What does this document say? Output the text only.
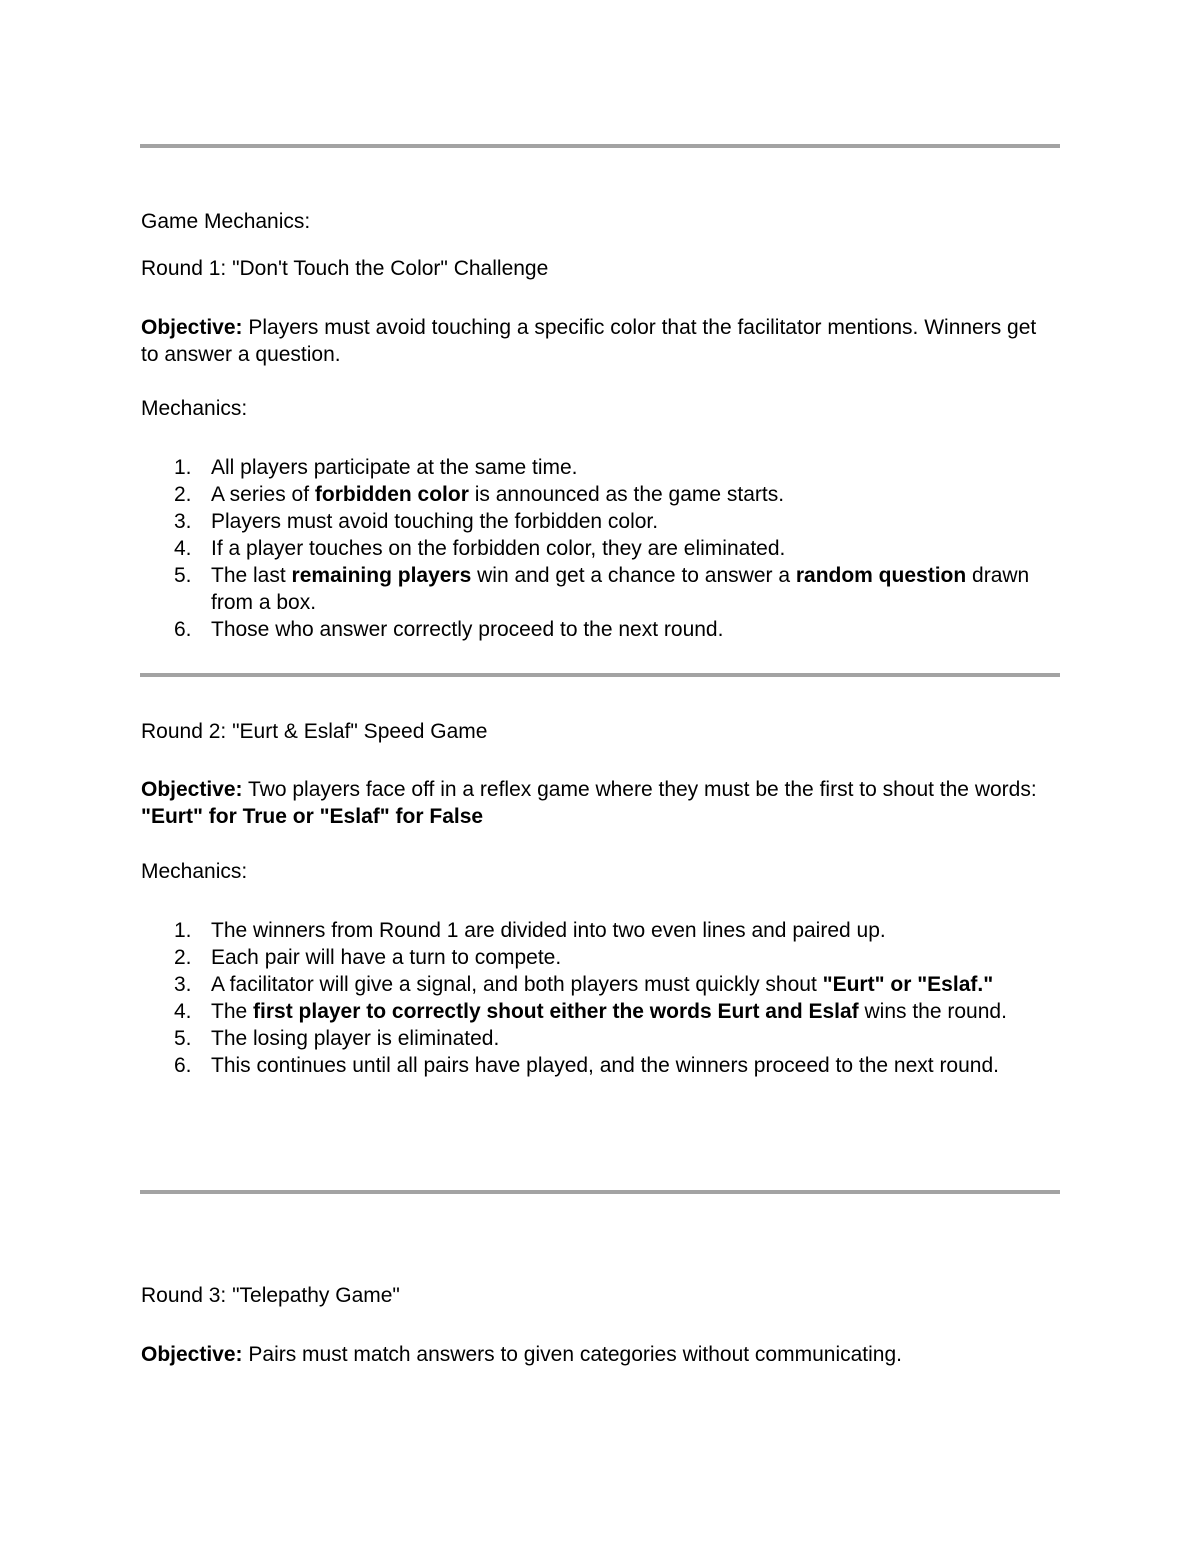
Game Mechanics:

Round 1: "Don't Touch the Color" Challenge

Objective: Players must avoid touching a specific color that the facilitator mentions. Winners get to answer a question.

Mechanics:

1. All players participate at the same time.
2. A series of forbidden color is announced as the game starts.
3. Players must avoid touching the forbidden color.
4. If a player touches on the forbidden color, they are eliminated.
5. The last remaining players win and get a chance to answer a random question drawn from a box.
6. Those who answer correctly proceed to the next round.

Round 2: "Eurt & Eslaf" Speed Game

Objective: Two players face off in a reflex game where they must be the first to shout the words: "Eurt" for True or "Eslaf" for False

Mechanics:

1. The winners from Round 1 are divided into two even lines and paired up.
2. Each pair will have a turn to compete.
3. A facilitator will give a signal, and both players must quickly shout "Eurt" or "Eslaf."
4. The first player to correctly shout either the words Eurt and Eslaf wins the round.
5. The losing player is eliminated.
6. This continues until all pairs have played, and the winners proceed to the next round.

Round 3: "Telepathy Game"

Objective: Pairs must match answers to given categories without communicating.
